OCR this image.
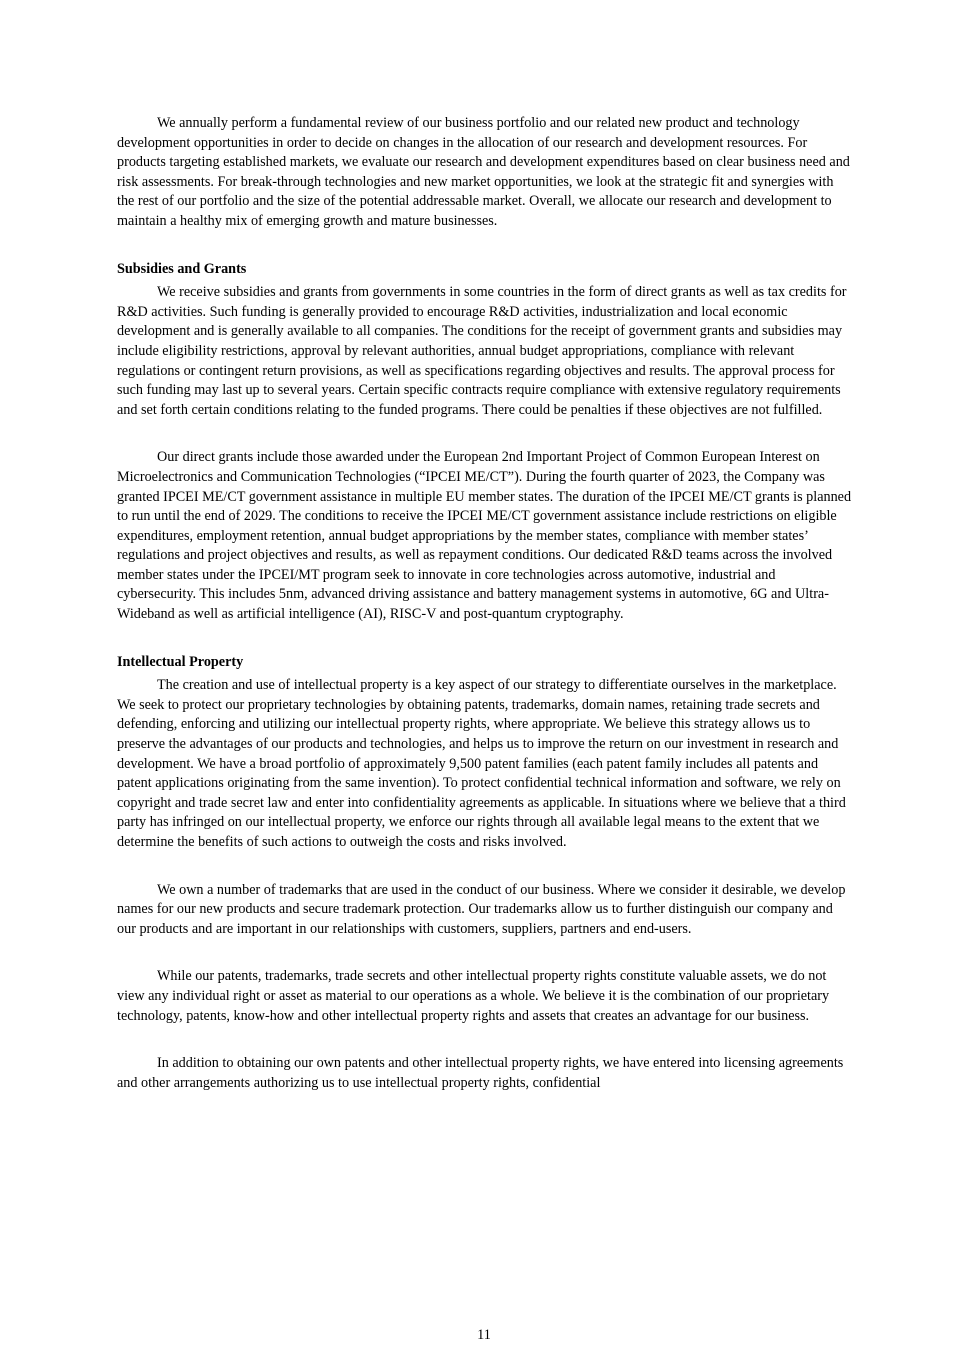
We annually perform a fundamental review of our business portfolio and our related new product and technology development opportunities in order to decide on changes in the allocation of our research and development resources. For products targeting established markets, we evaluate our research and development expenditures based on clear business need and risk assessments. For break-through technologies and new market opportunities, we look at the strategic fit and synergies with the rest of our portfolio and the size of the potential addressable market. Overall, we allocate our research and development to maintain a healthy mix of emerging growth and mature businesses.

Subsidies and Grants

We receive subsidies and grants from governments in some countries in the form of direct grants as well as tax credits for R&D activities. Such funding is generally provided to encourage R&D activities, industrialization and local economic development and is generally available to all companies. The conditions for the receipt of government grants and subsidies may include eligibility restrictions, approval by relevant authorities, annual budget appropriations, compliance with relevant regulations or contingent return provisions, as well as specifications regarding objectives and results. The approval process for such funding may last up to several years. Certain specific contracts require compliance with extensive regulatory requirements and set forth certain conditions relating to the funded programs. There could be penalties if these objectives are not fulfilled.

Our direct grants include those awarded under the European 2nd Important Project of Common European Interest on Microelectronics and Communication Technologies (“IPCEI ME/CT”). During the fourth quarter of 2023, the Company was granted IPCEI ME/CT government assistance in multiple EU member states. The duration of the IPCEI ME/CT grants is planned to run until the end of 2029. The conditions to receive the IPCEI ME/CT government assistance include restrictions on eligible expenditures, employment retention, annual budget appropriations by the member states, compliance with member states’ regulations and project objectives and results, as well as repayment conditions. Our dedicated R&D teams across the involved member states under the IPCEI/MT program seek to innovate in core technologies across automotive, industrial and cybersecurity. This includes 5nm, advanced driving assistance and battery management systems in automotive, 6G and Ultra-Wideband as well as artificial intelligence (AI), RISC-V and post-quantum cryptography.

Intellectual Property

The creation and use of intellectual property is a key aspect of our strategy to differentiate ourselves in the marketplace. We seek to protect our proprietary technologies by obtaining patents, trademarks, domain names, retaining trade secrets and defending, enforcing and utilizing our intellectual property rights, where appropriate. We believe this strategy allows us to preserve the advantages of our products and technologies, and helps us to improve the return on our investment in research and development. We have a broad portfolio of approximately 9,500 patent families (each patent family includes all patents and patent applications originating from the same invention). To protect confidential technical information and software, we rely on copyright and trade secret law and enter into confidentiality agreements as applicable. In situations where we believe that a third party has infringed on our intellectual property, we enforce our rights through all available legal means to the extent that we determine the benefits of such actions to outweigh the costs and risks involved.

We own a number of trademarks that are used in the conduct of our business. Where we consider it desirable, we develop names for our new products and secure trademark protection. Our trademarks allow us to further distinguish our company and our products and are important in our relationships with customers, suppliers, partners and end-users.

While our patents, trademarks, trade secrets and other intellectual property rights constitute valuable assets, we do not view any individual right or asset as material to our operations as a whole. We believe it is the combination of our proprietary technology, patents, know-how and other intellectual property rights and assets that creates an advantage for our business.

In addition to obtaining our own patents and other intellectual property rights, we have entered into licensing agreements and other arrangements authorizing us to use intellectual property rights, confidential

11
